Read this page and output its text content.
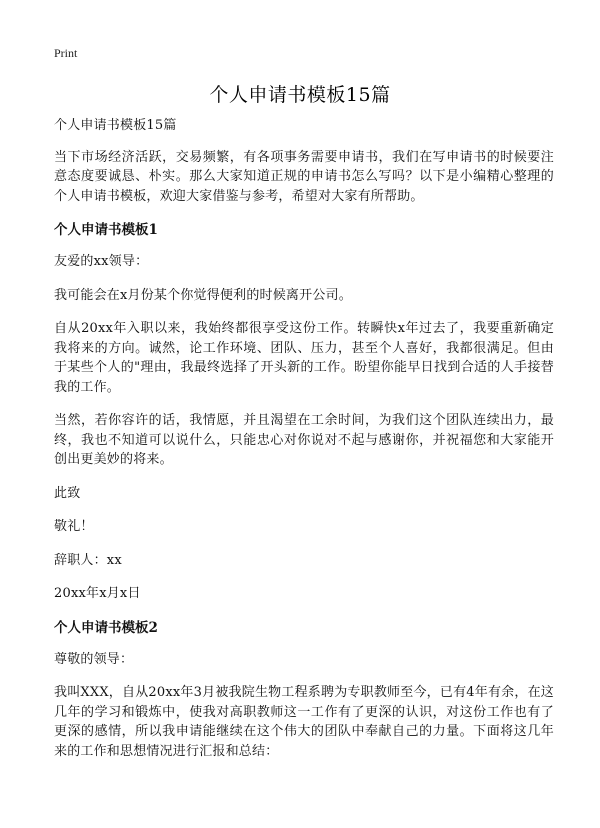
Print
个人申请书模板15篇

个人申请书模板15篇

当下市场经济活跃，交易频繁，有各项事务需要申请书，我们在写申请书的时候要注意态度要诚恳、朴实。那么大家知道正规的申请书怎么写吗？以下是小编精心整理的个人申请书模板，欢迎大家借鉴与参考，希望对大家有所帮助。

个人申请书模板1

友爱的xx领导：

我可能会在x月份某个你觉得便利的时候离开公司。

自从20xx年入职以来，我始终都很享受这份工作。转瞬快x年过去了，我要重新确定我将来的方向。诚然，论工作环境、团队、压力，甚至个人喜好，我都很满足。但由于某些个人的"理由，我最终选择了开头新的工作。盼望你能早日找到合适的人手接替我的工作。

当然，若你容许的话，我情愿，并且渴望在工余时间，为我们这个团队连续出力，最终，我也不知道可以说什么，只能忠心对你说对不起与感谢你，并祝福您和大家能开创出更美妙的将来。

此致

敬礼！

辞职人：xx

20xx年x月x日

个人申请书模板2

尊敬的领导：

我叫XXX，自从20xx年3月被我院生物工程系聘为专职教师至今，已有4年有余，在这几年的学习和锻炼中，使我对高职教师这一工作有了更深的认识，对这份工作也有了更深的感情，所以我申请能继续在这个伟大的团队中奉献自己的力量。下面将这几年来的工作和思想情况进行汇报和总结：
